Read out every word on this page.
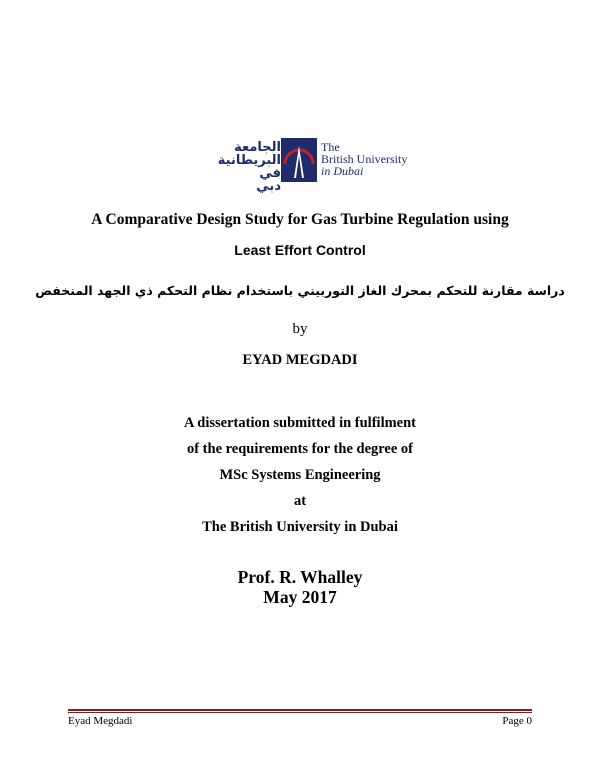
الجامعة
البريطانية في
دبي
The
British University
in Dubai
A Comparative Design Study for Gas Turbine Regulation using
Least Effort Control
دراسة مقارنة للتحكم بمحرك الغاز التوربيني باستخدام نظام التحكم ذي الجهد المنخفض
by
EYAD MEGDADI
A dissertation submitted in fulfilment
of the requirements for the degree of
MSc Systems Engineering
at
The British University in Dubai
Prof. R. Whalley
May 2017
Eyad Megdadi	Page 0
